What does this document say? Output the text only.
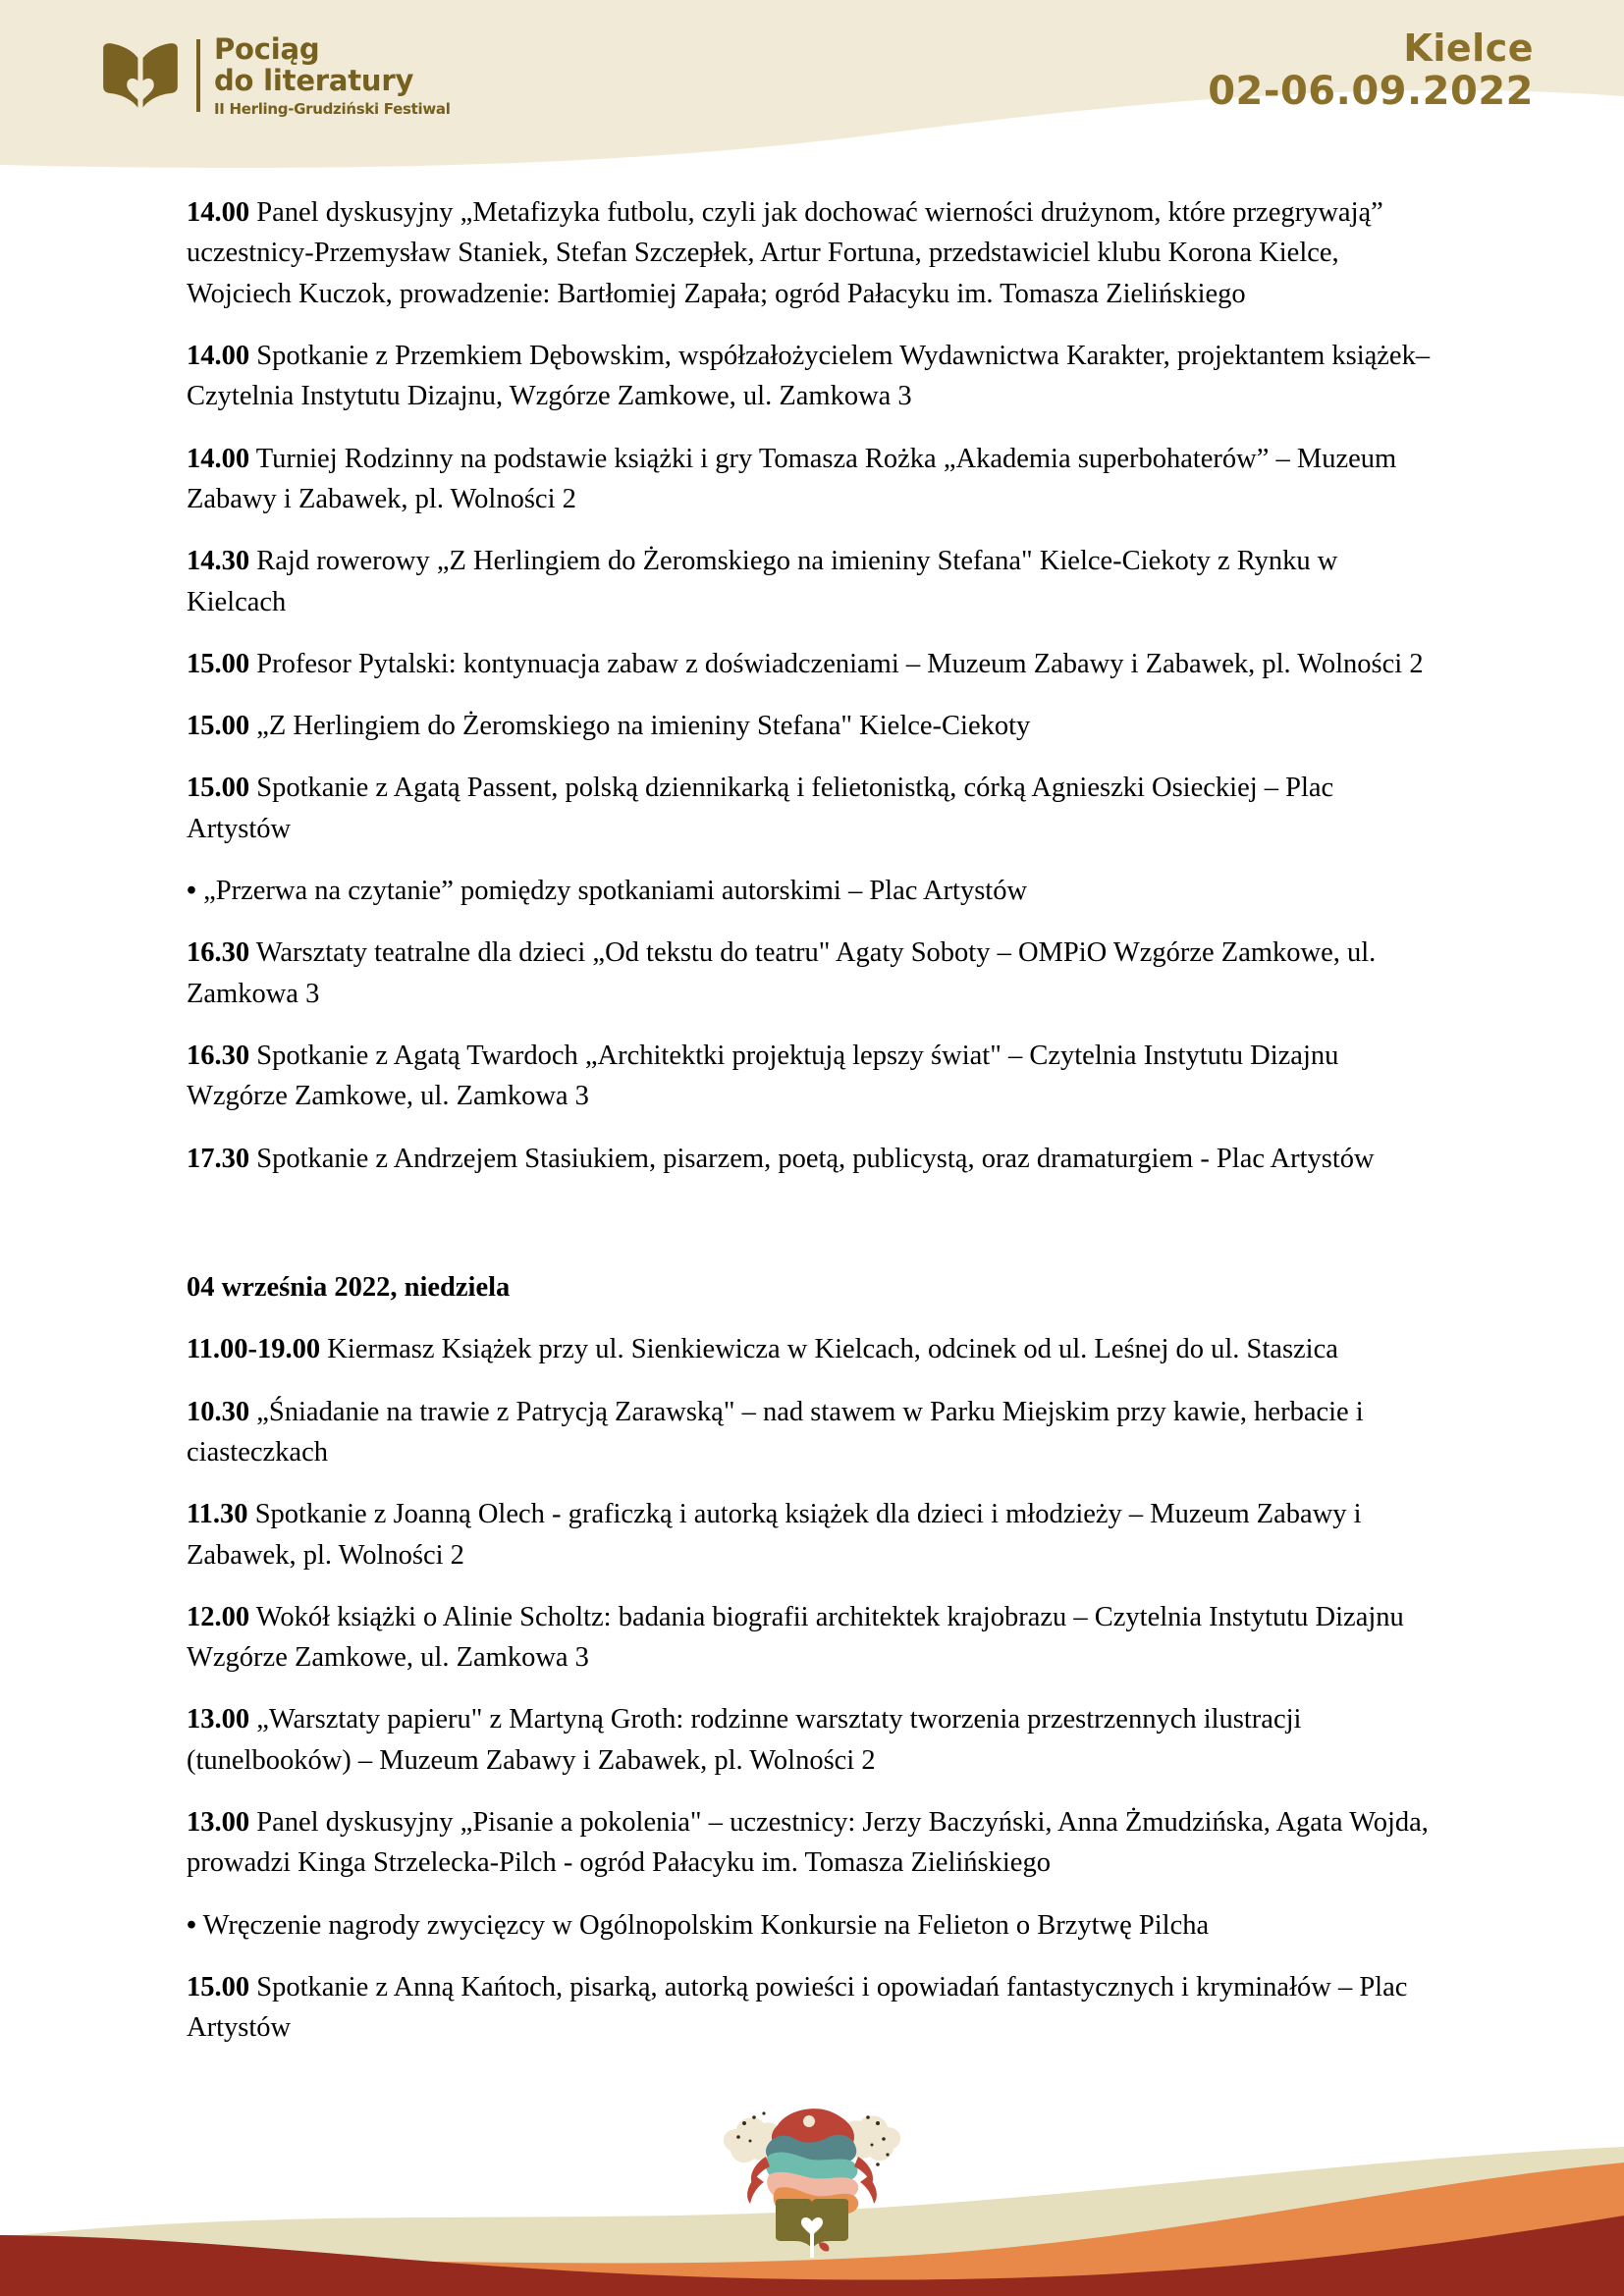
Pociąg
do literatury
II Herling-Grudziński Festiwal
Kielce
02-06.09.2022

14.00 Panel dyskusyjny „Metafizyka futbolu, czyli jak dochować wierności drużynom, które przegrywają” uczestnicy-Przemysław Staniek, Stefan Szczepłek, Artur Fortuna, przedstawiciel klubu Korona Kielce, Wojciech Kuczok, prowadzenie: Bartłomiej Zapała; ogród Pałacyku im. Tomasza Zielińskiego

14.00 Spotkanie z Przemkiem Dębowskim, współzałożycielem Wydawnictwa Karakter, projektantem książek– Czytelnia Instytutu Dizajnu, Wzgórze Zamkowe, ul. Zamkowa 3

14.00 Turniej Rodzinny na podstawie książki i gry Tomasza Rożka „Akademia superbohaterów” – Muzeum Zabawy i Zabawek, pl. Wolności 2

14.30 Rajd rowerowy „Z Herlingiem do Żeromskiego na imieniny Stefana" Kielce-Ciekoty z Rynku w Kielcach

15.00 Profesor Pytalski: kontynuacja zabaw z doświadczeniami – Muzeum Zabawy i Zabawek, pl. Wolności 2

15.00 „Z Herlingiem do Żeromskiego na imieniny Stefana" Kielce-Ciekoty

15.00 Spotkanie z Agatą Passent, polską dziennikarką i felietonistką, córką Agnieszki Osieckiej – Plac Artystów

• „Przerwa na czytanie” pomiędzy spotkaniami autorskimi – Plac Artystów

16.30 Warsztaty teatralne dla dzieci „Od tekstu do teatru" Agaty Soboty – OMPiO Wzgórze Zamkowe, ul. Zamkowa 3

16.30 Spotkanie z Agatą Twardoch „Architektki projektują lepszy świat" – Czytelnia Instytutu Dizajnu Wzgórze Zamkowe, ul. Zamkowa 3

17.30 Spotkanie z Andrzejem Stasiukiem, pisarzem, poetą, publicystą, oraz dramaturgiem - Plac Artystów

04 września 2022, niedziela

11.00-19.00 Kiermasz Książek przy ul. Sienkiewicza w Kielcach, odcinek od ul. Leśnej do ul. Staszica

10.30 „Śniadanie na trawie z Patrycją Zarawską" – nad stawem w Parku Miejskim przy kawie, herbacie i ciasteczkach

11.30 Spotkanie z Joanną Olech - graficzką i autorką książek dla dzieci i młodzieży – Muzeum Zabawy i Zabawek, pl. Wolności 2

12.00 Wokół książki o Alinie Scholtz: badania biografii architektek krajobrazu – Czytelnia Instytutu Dizajnu Wzgórze Zamkowe, ul. Zamkowa 3

13.00 „Warsztaty papieru" z Martyną Groth: rodzinne warsztaty tworzenia przestrzennych ilustracji (tunelbooków) – Muzeum Zabawy i Zabawek, pl. Wolności 2

13.00 Panel dyskusyjny „Pisanie a pokolenia" – uczestnicy: Jerzy Baczyński, Anna Żmudzińska, Agata Wojda, prowadzi Kinga Strzelecka-Pilch - ogród Pałacyku im. Tomasza Zielińskiego

• Wręczenie nagrody zwycięzcy w Ogólnopolskim Konkursie na Felieton o Brzytwę Pilcha

15.00 Spotkanie z Anną Kańtoch, pisarką, autorką powieści i opowiadań fantastycznych i kryminałów – Plac Artystów
